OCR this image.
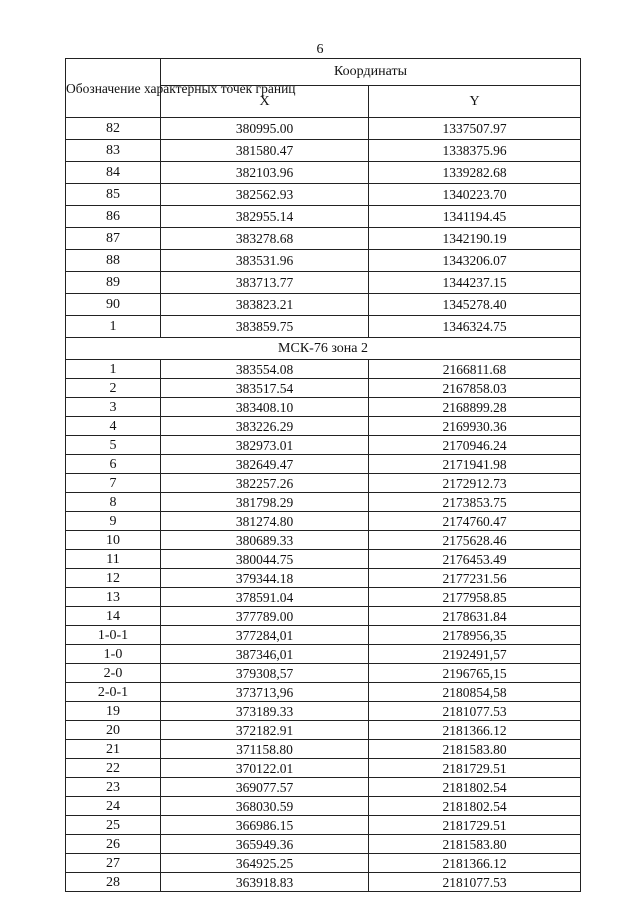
6
Обозначение характерных точек границ	Координаты	
	X	Y
82	380995.00	1337507.97
83	381580.47	1338375.96
84	382103.96	1339282.68
85	382562.93	1340223.70
86	382955.14	1341194.45
87	383278.68	1342190.19
88	383531.96	1343206.07
89	383713.77	1344237.15
90	383823.21	1345278.40
1	383859.75	1346324.75
МСК-76 зона 2		
1	383554.08	2166811.68
2	383517.54	2167858.03
3	383408.10	2168899.28
4	383226.29	2169930.36
5	382973.01	2170946.24
6	382649.47	2171941.98
7	382257.26	2172912.73
8	381798.29	2173853.75
9	381274.80	2174760.47
10	380689.33	2175628.46
11	380044.75	2176453.49
12	379344.18	2177231.56
13	378591.04	2177958.85
14	377789.00	2178631.84
1-0-1	377284,01	2178956,35
1-0	387346,01	2192491,57
2-0	379308,57	2196765,15
2-0-1	373713,96	2180854,58
19	373189.33	2181077.53
20	372182.91	2181366.12
21	371158.80	2181583.80
22	370122.01	2181729.51
23	369077.57	2181802.54
24	368030.59	2181802.54
25	366986.15	2181729.51
26	365949.36	2181583.80
27	364925.25	2181366.12
28	363918.83	2181077.53
